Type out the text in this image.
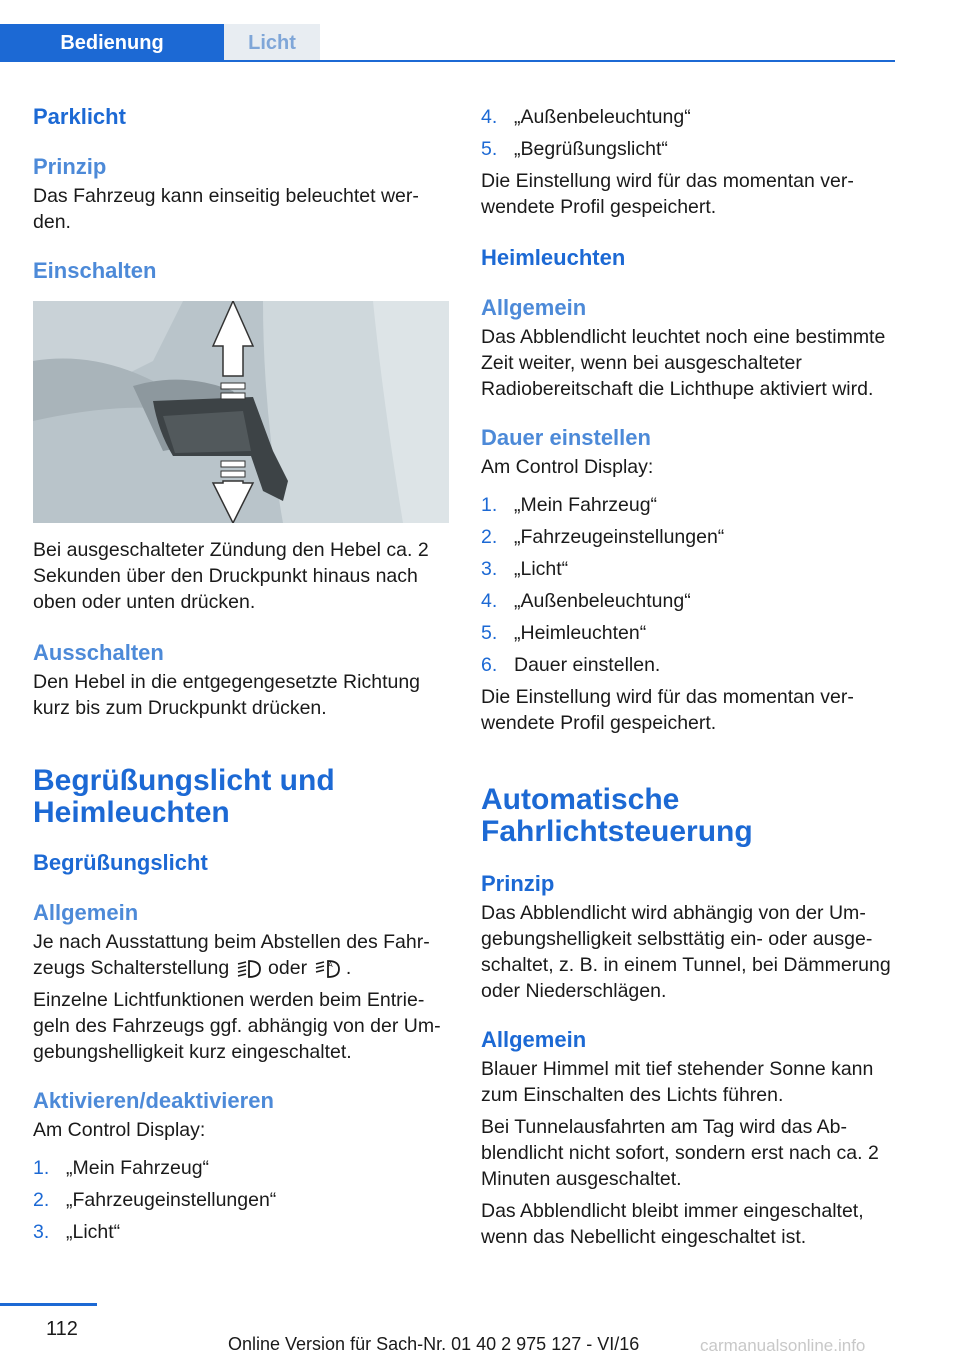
Bedienung	Licht
Parklicht
Prinzip
Das Fahrzeug kann einseitig beleuchtet werden.
Einschalten
Bei ausgeschalteter Zündung den Hebel ca. 2 Sekunden über den Druckpunkt hinaus nach oben oder unten drücken.
Ausschalten
Den Hebel in die entgegengesetzte Richtung kurz bis zum Druckpunkt drücken.
Begrüßungslicht und Heimleuchten
Begrüßungslicht
Allgemein
Je nach Ausstattung beim Abstellen des Fahrzeugs Schalterstellung oder	A .
Einzelne Lichtfunktionen werden beim Entriegeln des Fahrzeugs ggf. abhängig von der Umgebungshelligkeit kurz eingeschaltet.
Aktivieren/deaktivieren
Am Control Display:
1. „Mein Fahrzeug“
2. „Fahrzeugeinstellungen“
3. „Licht“
4. „Außenbeleuchtung“
5. „Begrüßungslicht“
Die Einstellung wird für das momentan verwendete Profil gespeichert.
Heimleuchten
Allgemein
Das Abblendlicht leuchtet noch eine bestimmte Zeit weiter, wenn bei ausgeschalteter Radiobereitschaft die Lichthupe aktiviert wird.
Dauer einstellen
Am Control Display:
1. „Mein Fahrzeug“
2. „Fahrzeugeinstellungen“
3. „Licht“
4. „Außenbeleuchtung“
5. „Heimleuchten“
6. Dauer einstellen.
Die Einstellung wird für das momentan verwendete Profil gespeichert.
Automatische Fahrlichtsteuerung
Prinzip
Das Abblendlicht wird abhängig von der Umgebungshelligkeit selbsttätig ein- oder ausgeschaltet, z. B. in einem Tunnel, bei Dämmerung oder Niederschlägen.
Allgemein
Blauer Himmel mit tief stehender Sonne kann zum Einschalten des Lichts führen.
Bei Tunnelausfahrten am Tag wird das Abblendlicht nicht sofort, sondern erst nach ca. 2 Minuten ausgeschaltet.
Das Abblendlicht bleibt immer eingeschaltet, wenn das Nebellicht eingeschaltet ist.
112
Online Version für Sach-Nr. 01 40 2 975 127 - VI/16	carmanualsonline.info
